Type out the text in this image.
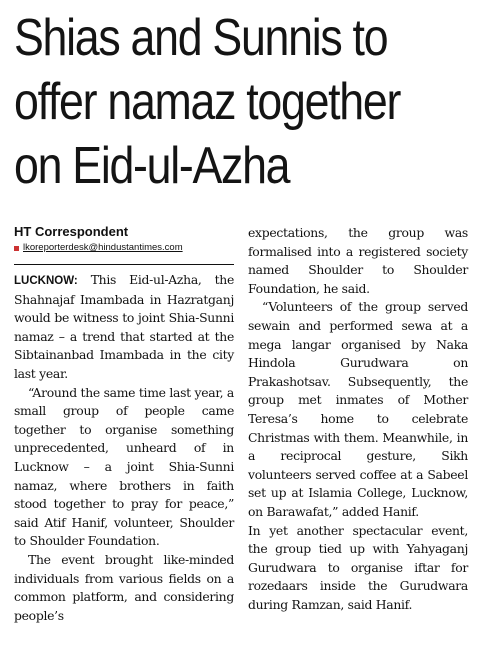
Shias and Sunnis to
offer namaz together
on Eid-ul-Azha
HT Correspondent
lkoreporterdesk@hindustantimes.com

LUCKNOW: This Eid-ul-Azha, the Shahnajaf Imambada in Hazratganj would be witness to joint Shia-Sunni namaz – a trend that started at the Sibtainanbad Imambada in the city last year.

“Around the same time last year, a small group of people came together to organise something unprecedented, unheard of in Lucknow – a joint Shia-Sunni namaz, where brothers in faith stood together to pray for peace,” said Atif Hanif, volunteer, Shoulder to Shoulder Foundation.

The event brought like-minded individuals from various fields on a common platform, and considering people’s

expectations, the group was formalised into a registered society named Shoulder to Shoulder Foundation, he said.

“Volunteers of the group served sewain and performed sewa at a mega langar organised by Naka Hindola Gurudwara on Prakashotsav. Subsequently, the group met inmates of Mother Teresa’s home to celebrate Christmas with them. Meanwhile, in a reciprocal gesture, Sikh volunteers served coffee at a Sabeel set up at Islamia College, Lucknow, on Barawafat,” added Hanif.

In yet another spectacular event, the group tied up with Yahyaganj Gurudwara to organise iftar for rozedaars inside the Gurudwara during Ramzan, said Hanif.
